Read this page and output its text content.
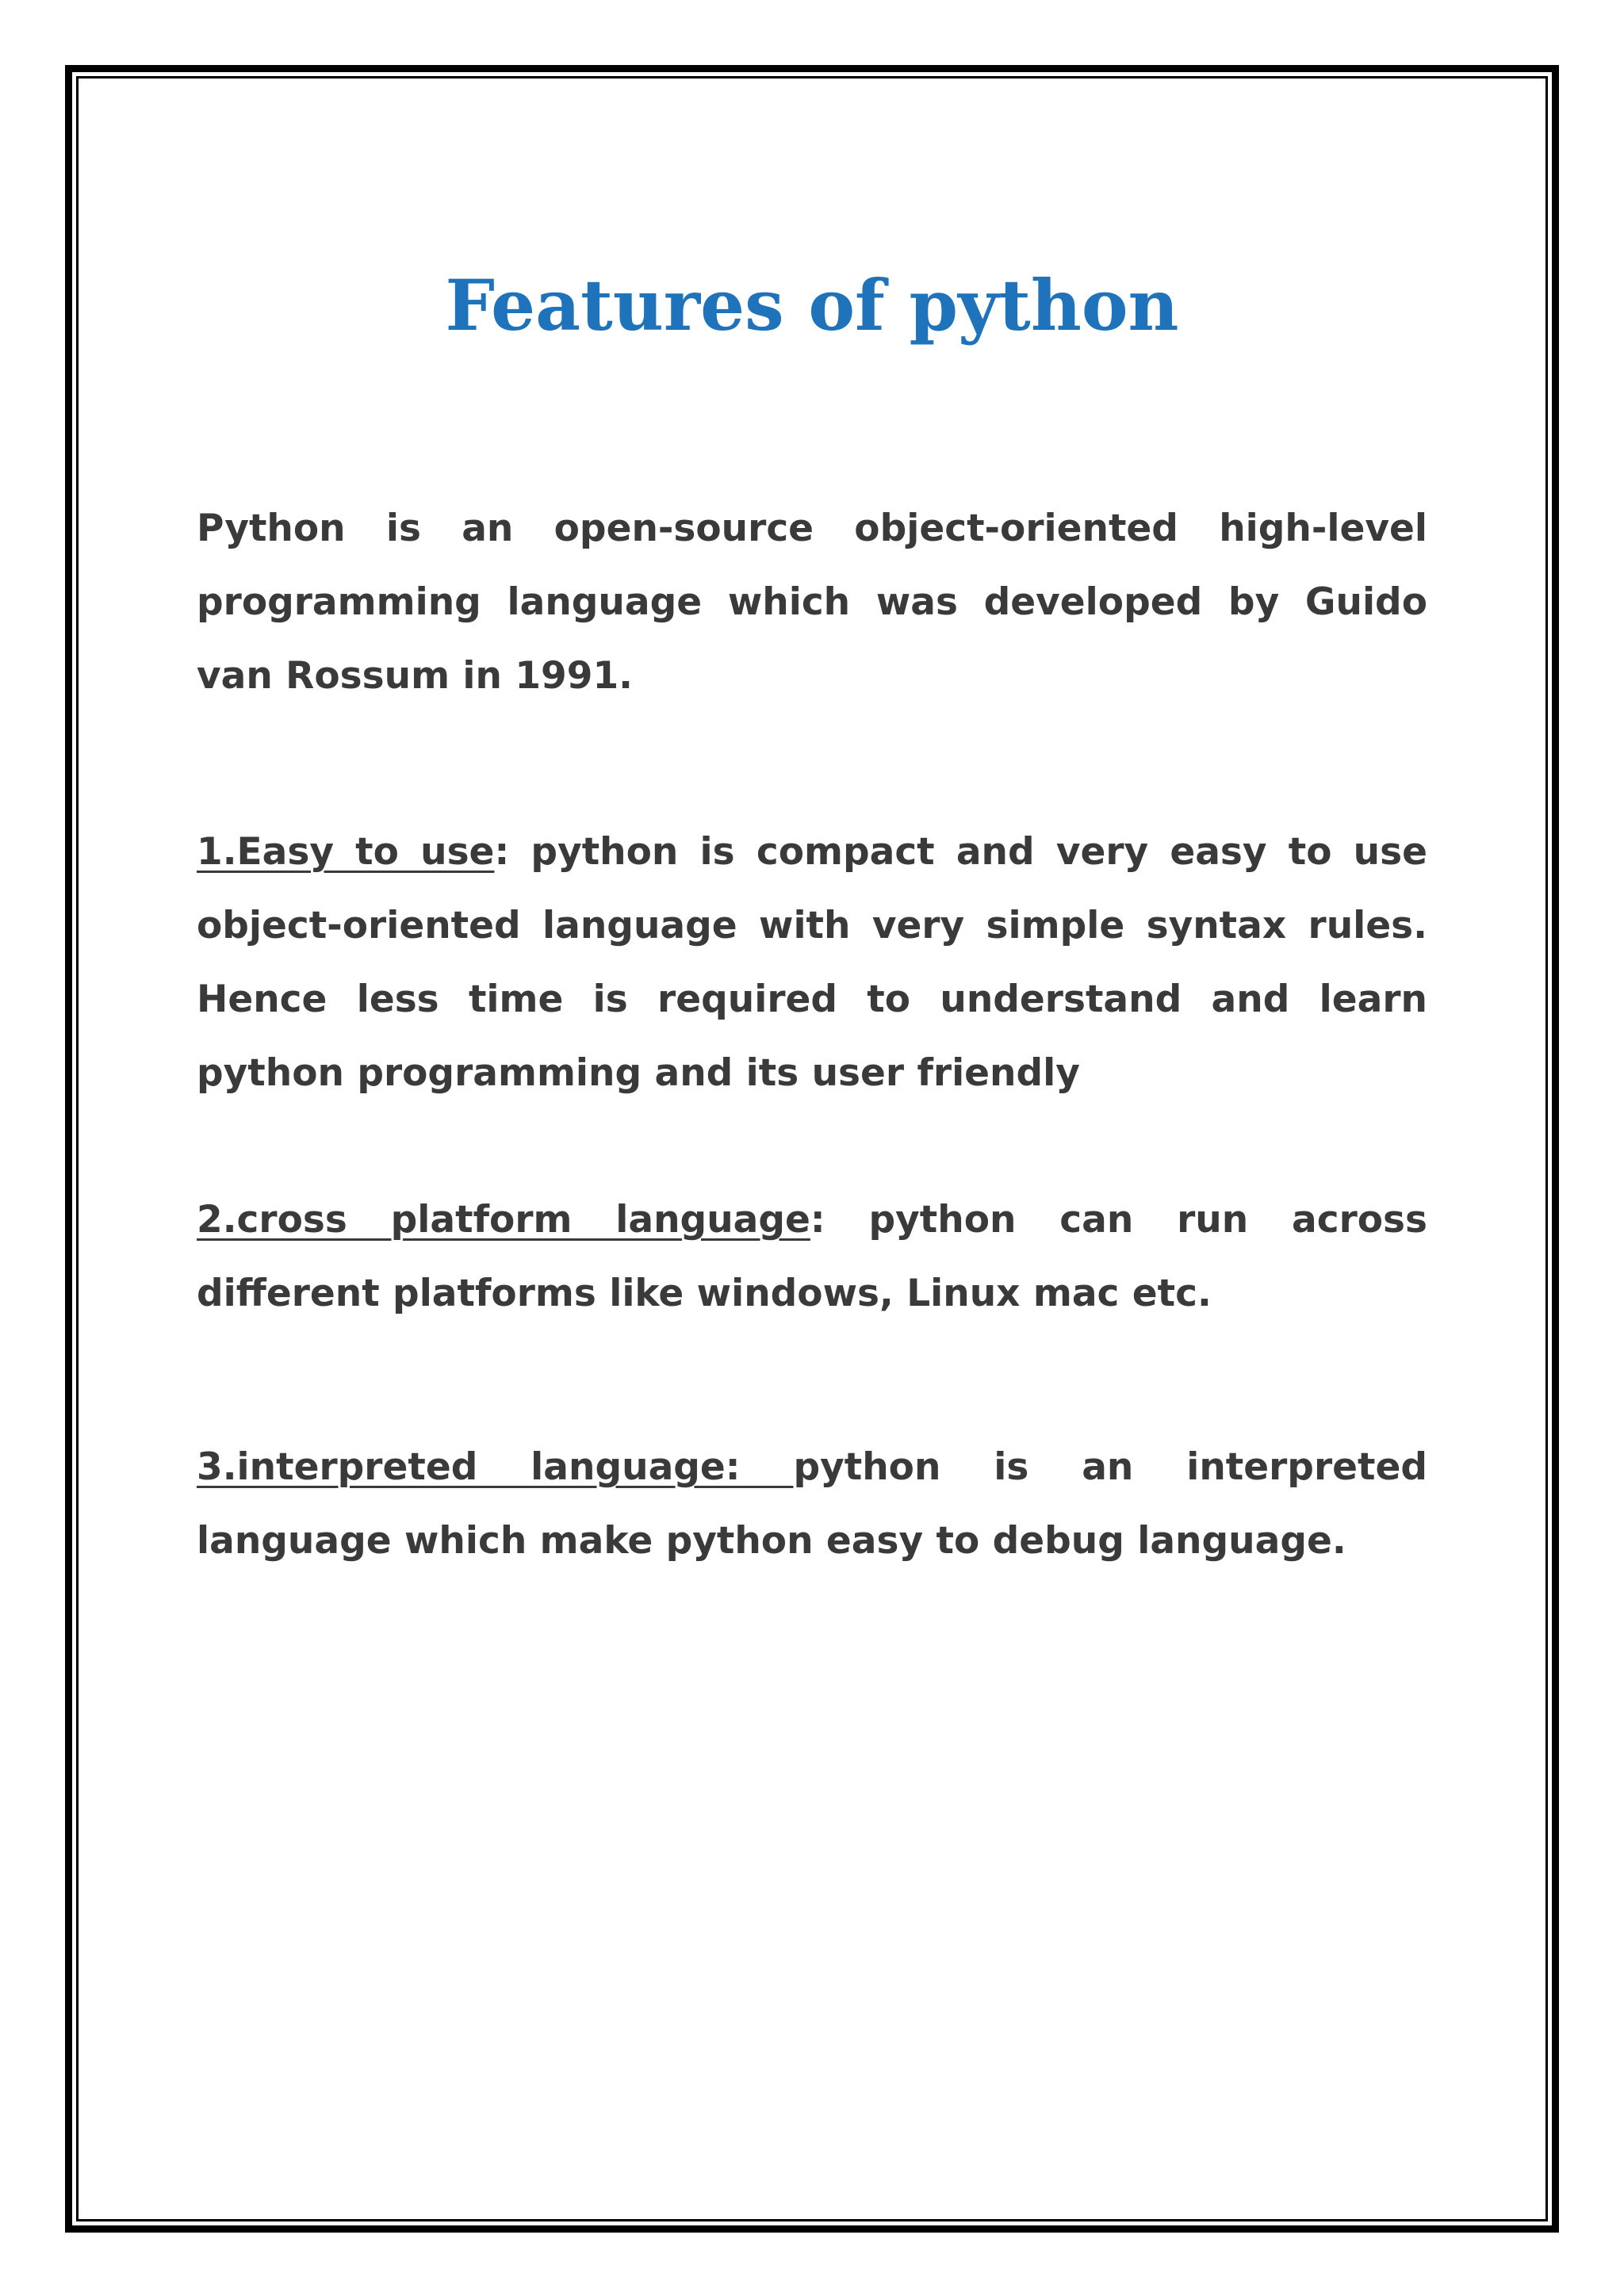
Features of python

Python is an open-source object-oriented high-level programming language which was developed by Guido van Rossum in 1991.

1.Easy to use: python is compact and very easy to use object-oriented language with very simple syntax rules. Hence less time is required to understand and learn python programming and its user friendly

2.cross platform language: python can run across different platforms like windows, Linux mac etc.

3.interpreted language: python is an interpreted language which make python easy to debug language.
